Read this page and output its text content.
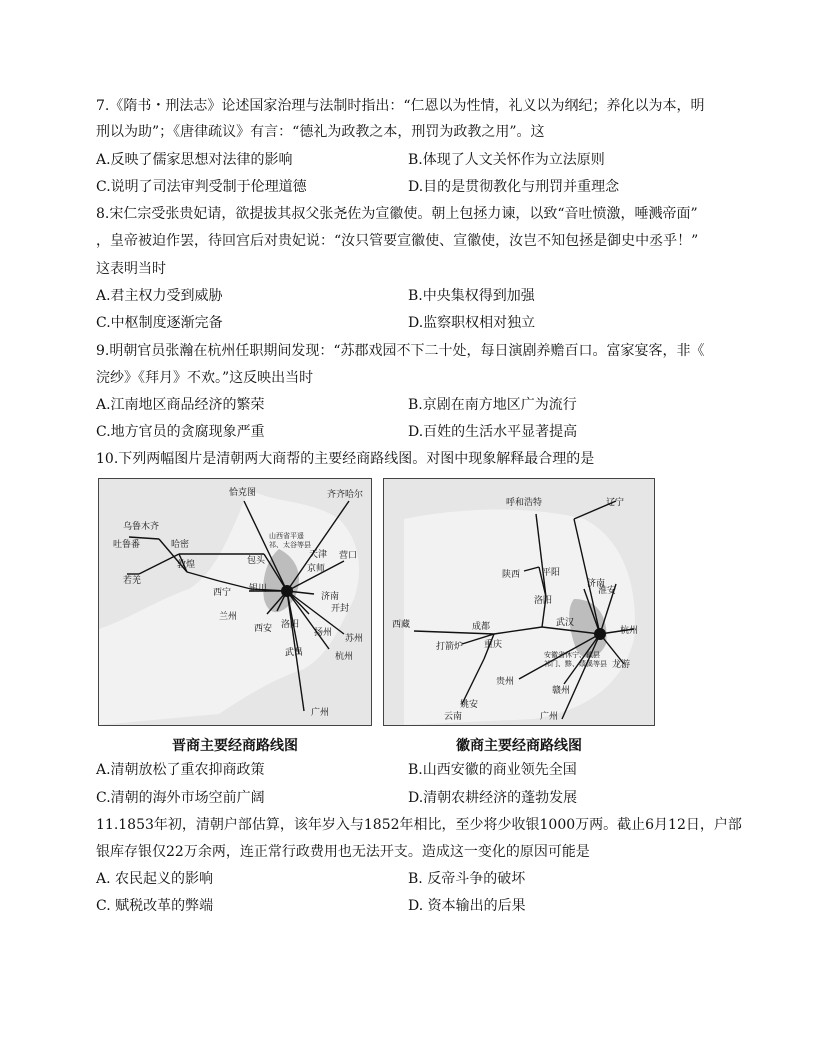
7.《隋书・刑法志》论述国家治理与法制时指出：“仁恩以为性情，礼义以为纲纪；养化以为本，明
刑以为助”；《唐律疏议》有言：“德礼为政教之本，刑罚为政教之用”。这
A.反映了儒家思想对法律的影响	B.体现了人文关怀作为立法原则
C.说明了司法审判受制于伦理道德	D.目的是贯彻教化与刑罚并重理念
8.宋仁宗受张贵妃请，欲提拔其叔父张尧佐为宣徽使。朝上包拯力谏，以致“音吐愤激，唾溅帝面”
，皇帝被迫作罢，待回宫后对贵妃说：“汝只管要宣徽使、宣徽使，汝岂不知包拯是御史中丞乎！”
这表明当时
A.君主权力受到威胁	B.中央集权得到加强
C.中枢制度逐渐完备	D.监察职权相对独立
9.明朝官员张瀚在杭州任职期间发现：“苏郡戏园不下二十处，每日演剧养赡百口。富家宴客，非《
浣纱》《拜月》不欢。”这反映出当时
A.江南地区商品经济的繁荣	B.京剧在南方地区广为流行
C.地方官员的贪腐现象严重	D.百姓的生活水平显著提高
10.下列两幅图片是清朝两大商帮的主要经商路线图。对图中现象解释最合理的是
恰克图	齐齐哈尔
乌鲁木齐
吐鲁番	哈密
山西省平遥
祁、太谷等县
天津 营口
敦煌	包头
京师
若羌
银川
西宁	济南
兰州
开封
西安 洛阳
扬州
苏州
武昌	杭州
广州
晋商主要经商路线图
辽宁
呼和浩特
济南
陕西 平阳
淮安
洛阳
西藏	成都	武汉
杭州
打箭炉 重庆
安徽省休宁、歙县
祁门、黟、绩溪等县 龙游
贵州
赣州
姚安
云南	广州
徽商主要经商路线图
A.清朝放松了重农抑商政策	B.山西安徽的商业领先全国
C.清朝的海外市场空前广阔	D.清朝农耕经济的蓬勃发展
11.1853年初，清朝户部估算，该年岁入与1852年相比，至少将少收银1000万两。截止6月12日，户部
银库存银仅22万余两，连正常行政费用也无法开支。造成这一变化的原因可能是
A. 农民起义的影响	B. 反帝斗争的破坏
C. 赋税改革的弊端	D. 资本输出的后果
